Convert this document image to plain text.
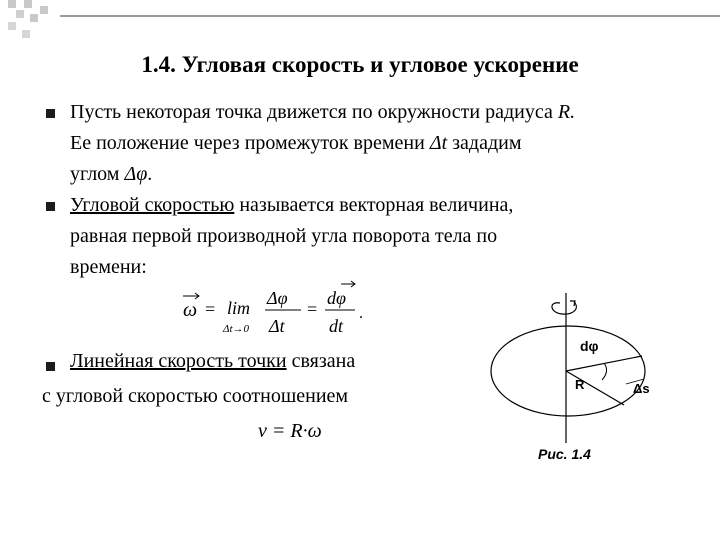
1.4. Угловая скорость и угловое ускорение
Пусть некоторая точка движется по окружности радиуса R.
Ее положение через промежуток времени Δt зададим
углом Δφ.
Угловой скоростью называется векторная величина,
равная первой производной угла поворота тела по
времени:
ω = lim
Δt→0
Δφ
Δt
=
dφ
dt
.
Линейная скорость точки связана
с угловой скоростью соотношением
v = R·ω
dφ
R	Δs
Рис. 1.4
